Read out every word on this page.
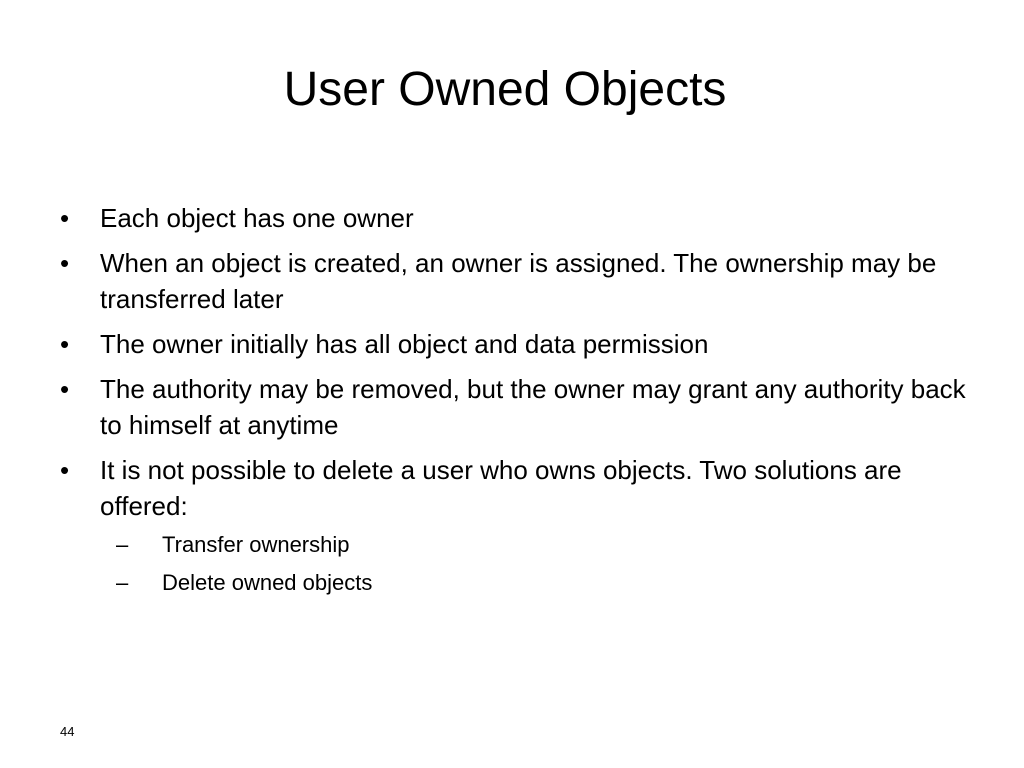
User Owned Objects
•	Each object has one owner
•	When an object is created, an owner is assigned. The ownership may be transferred later
•	The owner initially has all object and data permission
•	The authority may be removed, but the owner may grant any authority back to himself at anytime
•	It is not possible to delete a user who owns objects. Two solutions are offered:
–	Transfer ownership
–	Delete owned objects
44
